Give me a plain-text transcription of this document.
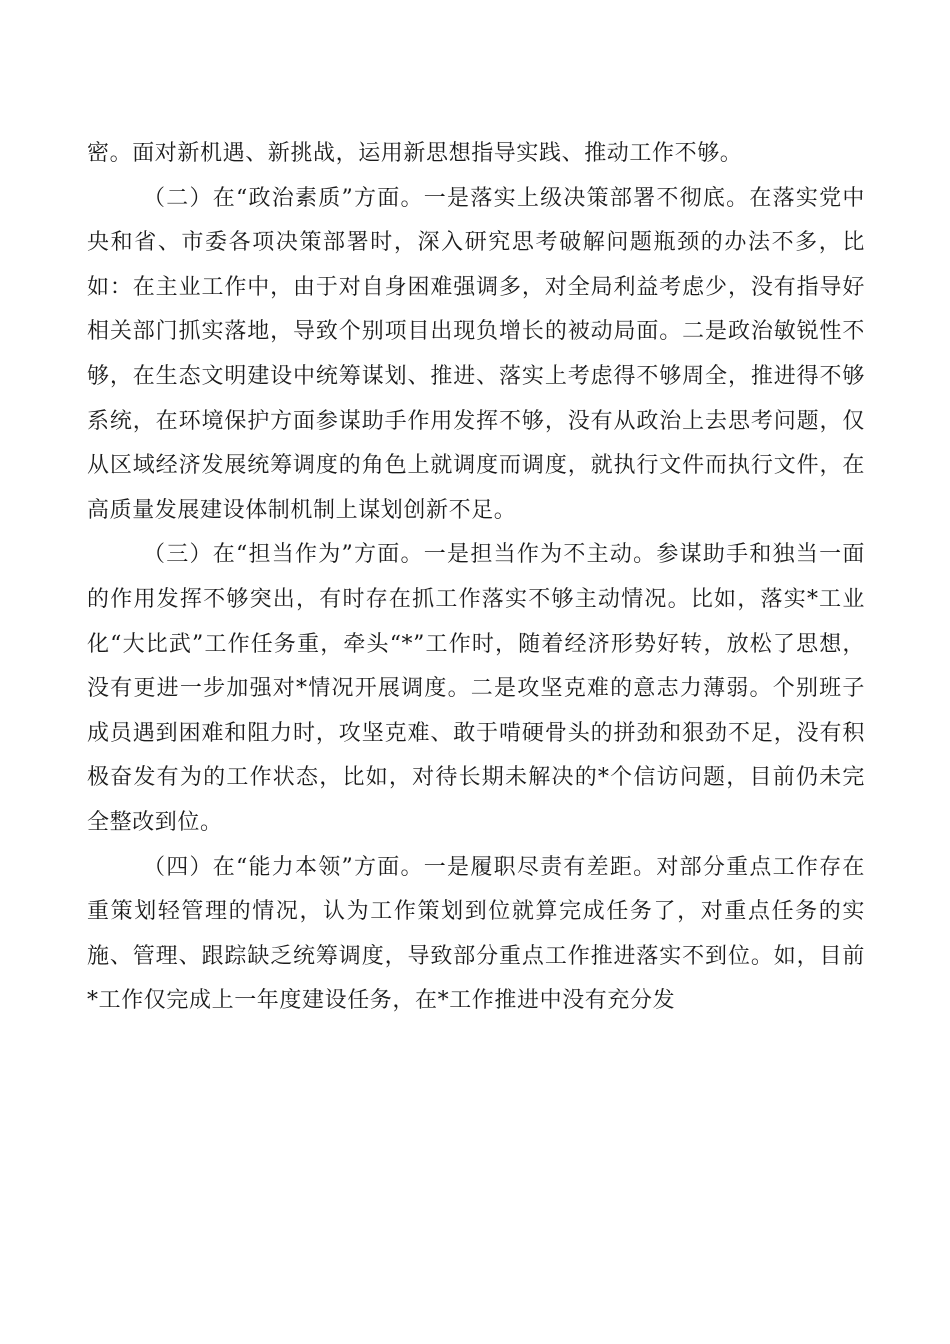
密。面对新机遇、新挑战，运用新思想指导实践、推动工作不够。

（二）在“政治素质”方面。一是落实上级决策部署不彻底。在落实党中央和省、市委各项决策部署时，深入研究思考破解问题瓶颈的办法不多，比如：在主业工作中，由于对自身困难强调多，对全局利益考虑少，没有指导好相关部门抓实落地，导致个别项目出现负增长的被动局面。二是政治敏锐性不够，在生态文明建设中统筹谋划、推进、落实上考虑得不够周全，推进得不够系统，在环境保护方面参谋助手作用发挥不够，没有从政治上去思考问题，仅从区域经济发展统筹调度的角色上就调度而调度，就执行文件而执行文件，在高质量发展建设体制机制上谋划创新不足。

（三）在“担当作为”方面。一是担当作为不主动。参谋助手和独当一面的作用发挥不够突出，有时存在抓工作落实不够主动情况。比如，落实*工业化“大比武”工作任务重，牵头“*”工作时，随着经济形势好转，放松了思想，没有更进一步加强对*情况开展调度。二是攻坚克难的意志力薄弱。个别班子成员遇到困难和阻力时，攻坚克难、敢于啃硬骨头的拼劲和狠劲不足，没有积极奋发有为的工作状态，比如，对待长期未解决的*个信访问题，目前仍未完全整改到位。

（四）在“能力本领”方面。一是履职尽责有差距。对部分重点工作存在重策划轻管理的情况，认为工作策划到位就算完成任务了，对重点任务的实施、管理、跟踪缺乏统筹调度，导致部分重点工作推进落实不到位。如，目前*工作仅完成上一年度建设任务，在*工作推进中没有充分发
